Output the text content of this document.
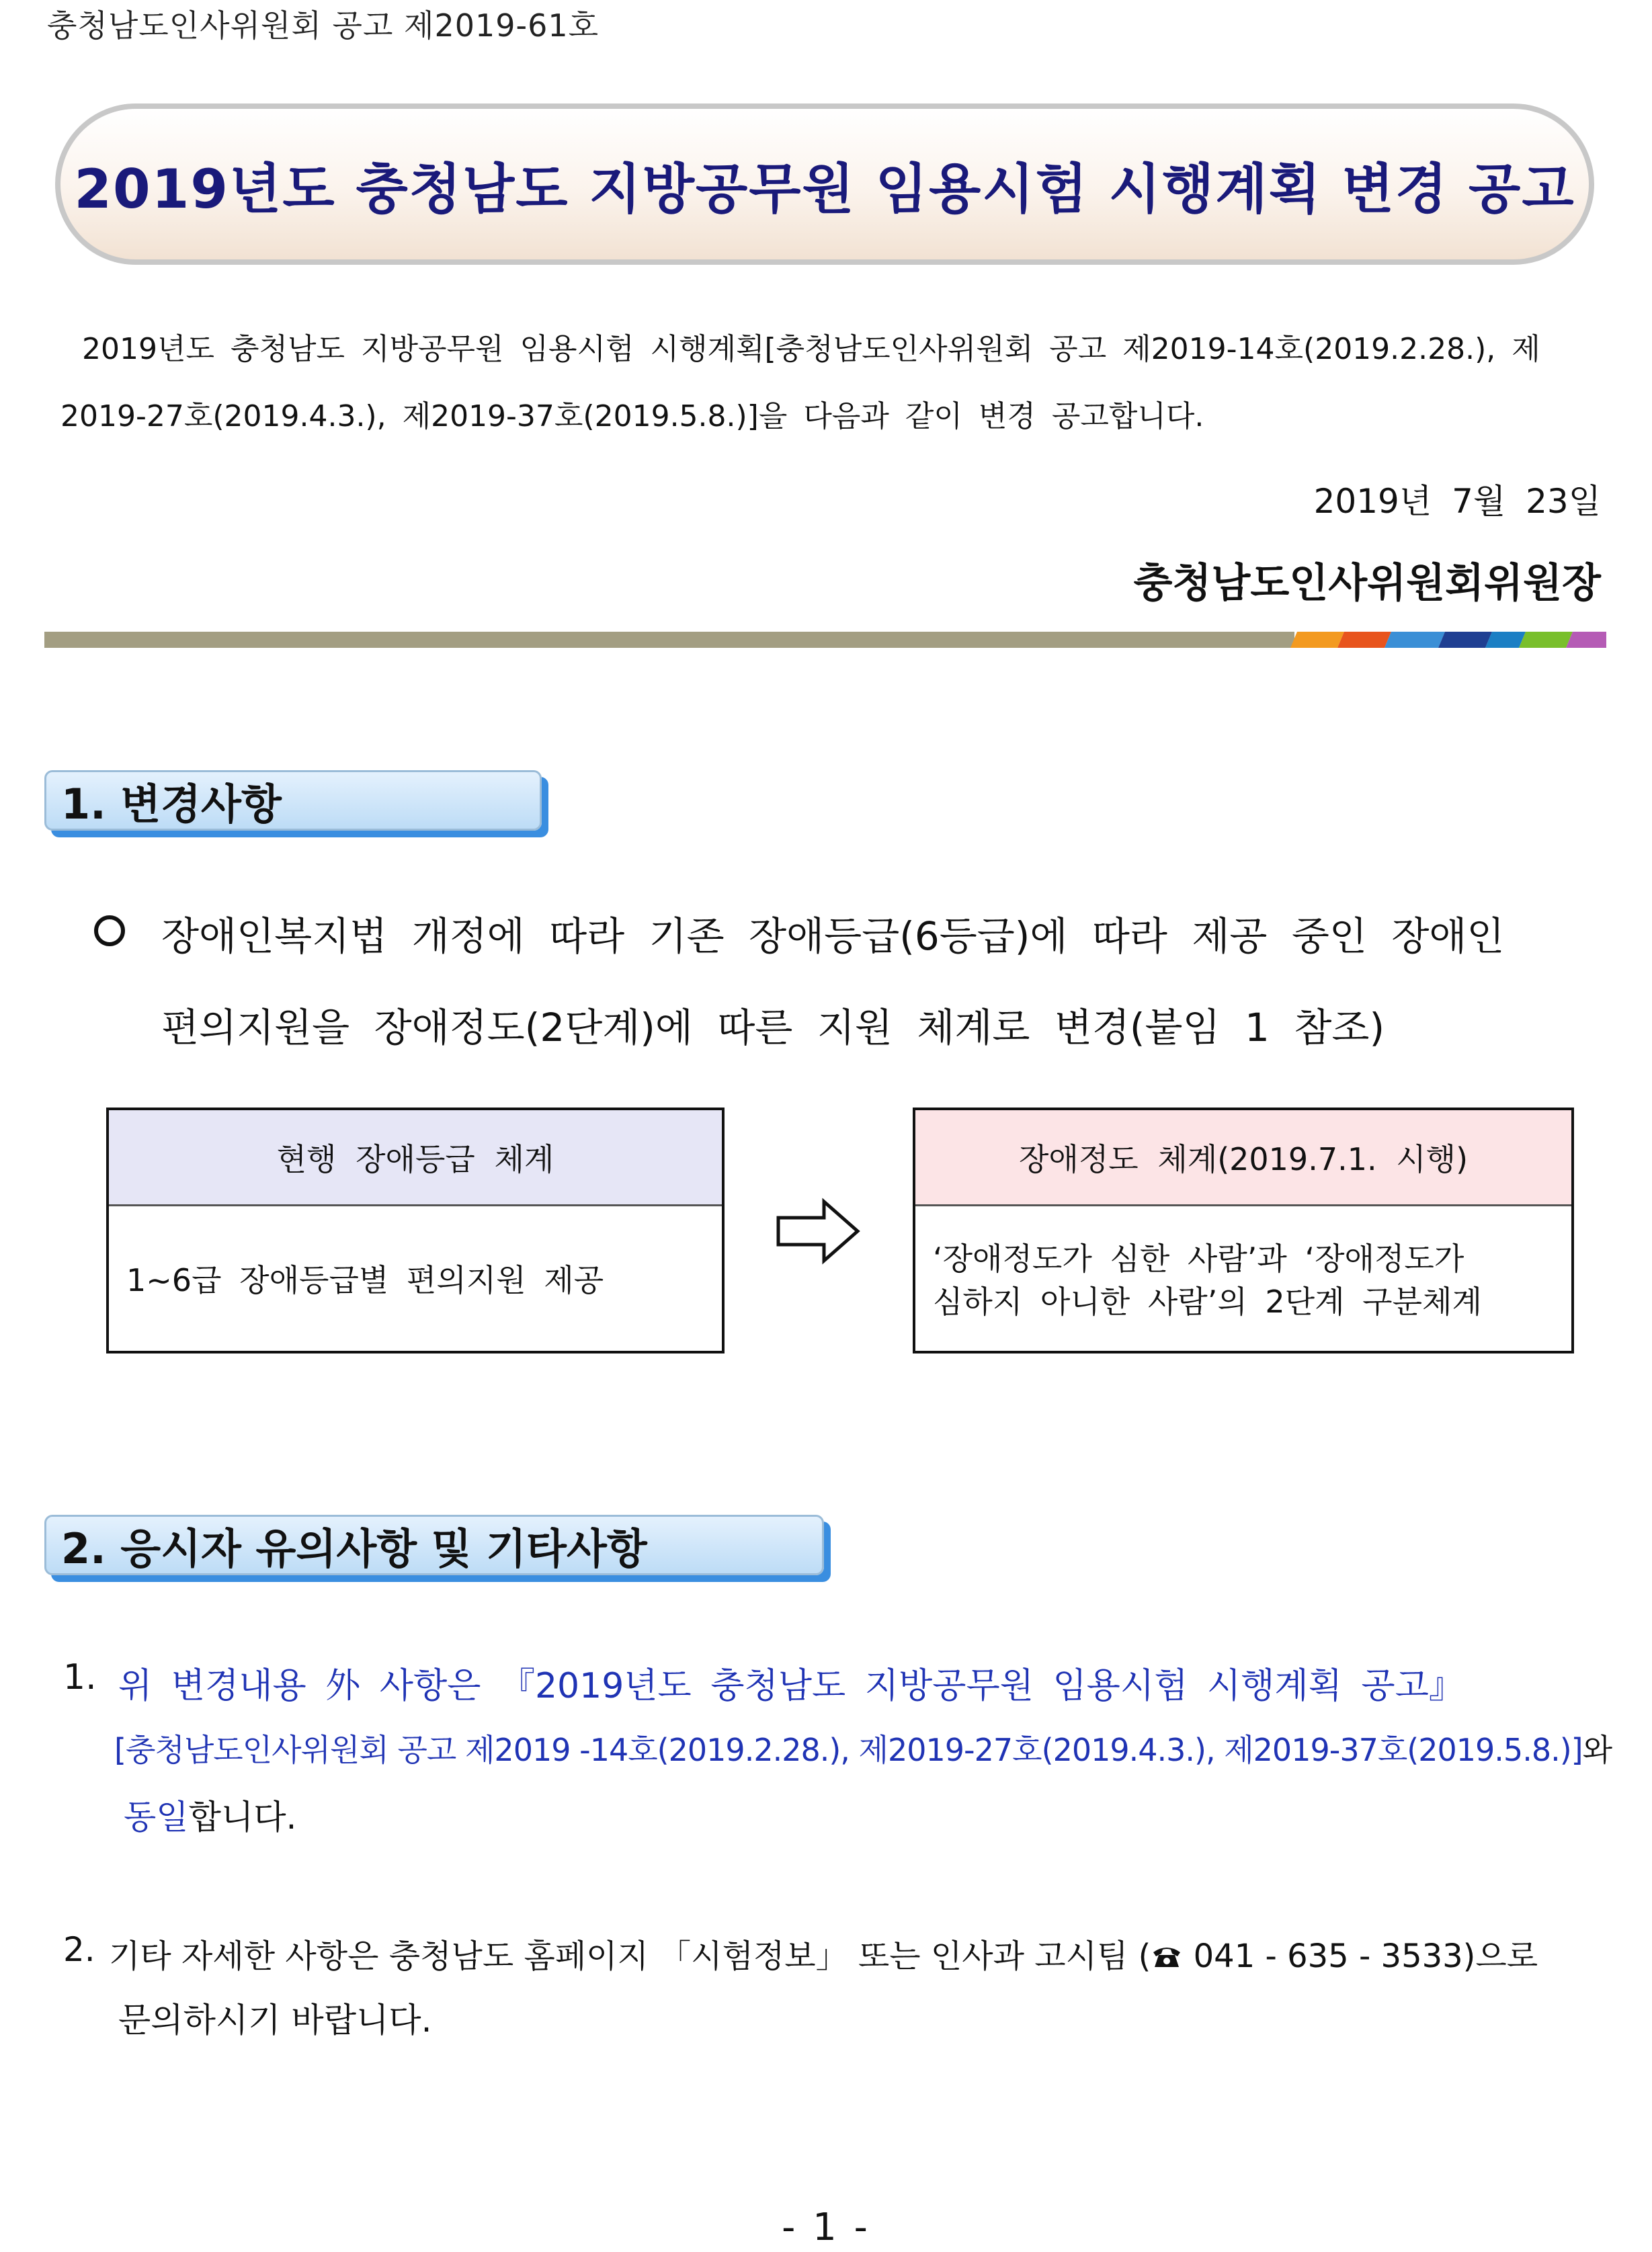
충청남도인사위원회 공고 제2019-61호
2019년도 충청남도 지방공무원 임용시험 시행계획 변경 공고
2019년도 충청남도 지방공무원 임용시험 시행계획[충청남도인사위원회 공고 제2019-14호(2019.2.28.), 제2019-27호(2019.4.3.), 제2019-37호(2019.5.8.)]을 다음과 같이 변경 공고합니다.
2019년 7월 23일
충청남도인사위원회위원장
1. 변경사항
장애인복지법 개정에 따라 기존 장애등급(6등급)에 따라 제공 중인 장애인
편의지원을 장애정도(2단계)에 따른 지원 체계로 변경(붙임 1 참조)
현행 장애등급 체계
1~6급 장애등급별 편의지원 제공
장애정도 체계(2019.7.1. 시행)
‘장애정도가 심한 사람’과 ‘장애정도가
심하지 아니한 사람’의 2단계 구분체계
2. 응시자 유의사항 및 기타사항
1. 위 변경내용 外 사항은 『2019년도 충청남도 지방공무원 임용시험 시행계획 공고』
[충청남도인사위원회 공고 제2019 -14호(2019.2.28.), 제2019-27호(2019.4.3.), 제2019-37호(2019.5.8.)]와
동일합니다.
2. 기타 자세한 사항은 충청남도 홈페이지 「시험정보」 또는 인사과 고시팀 ( 041 - 635 - 3533)으로
문의하시기 바랍니다.
- 1 -
